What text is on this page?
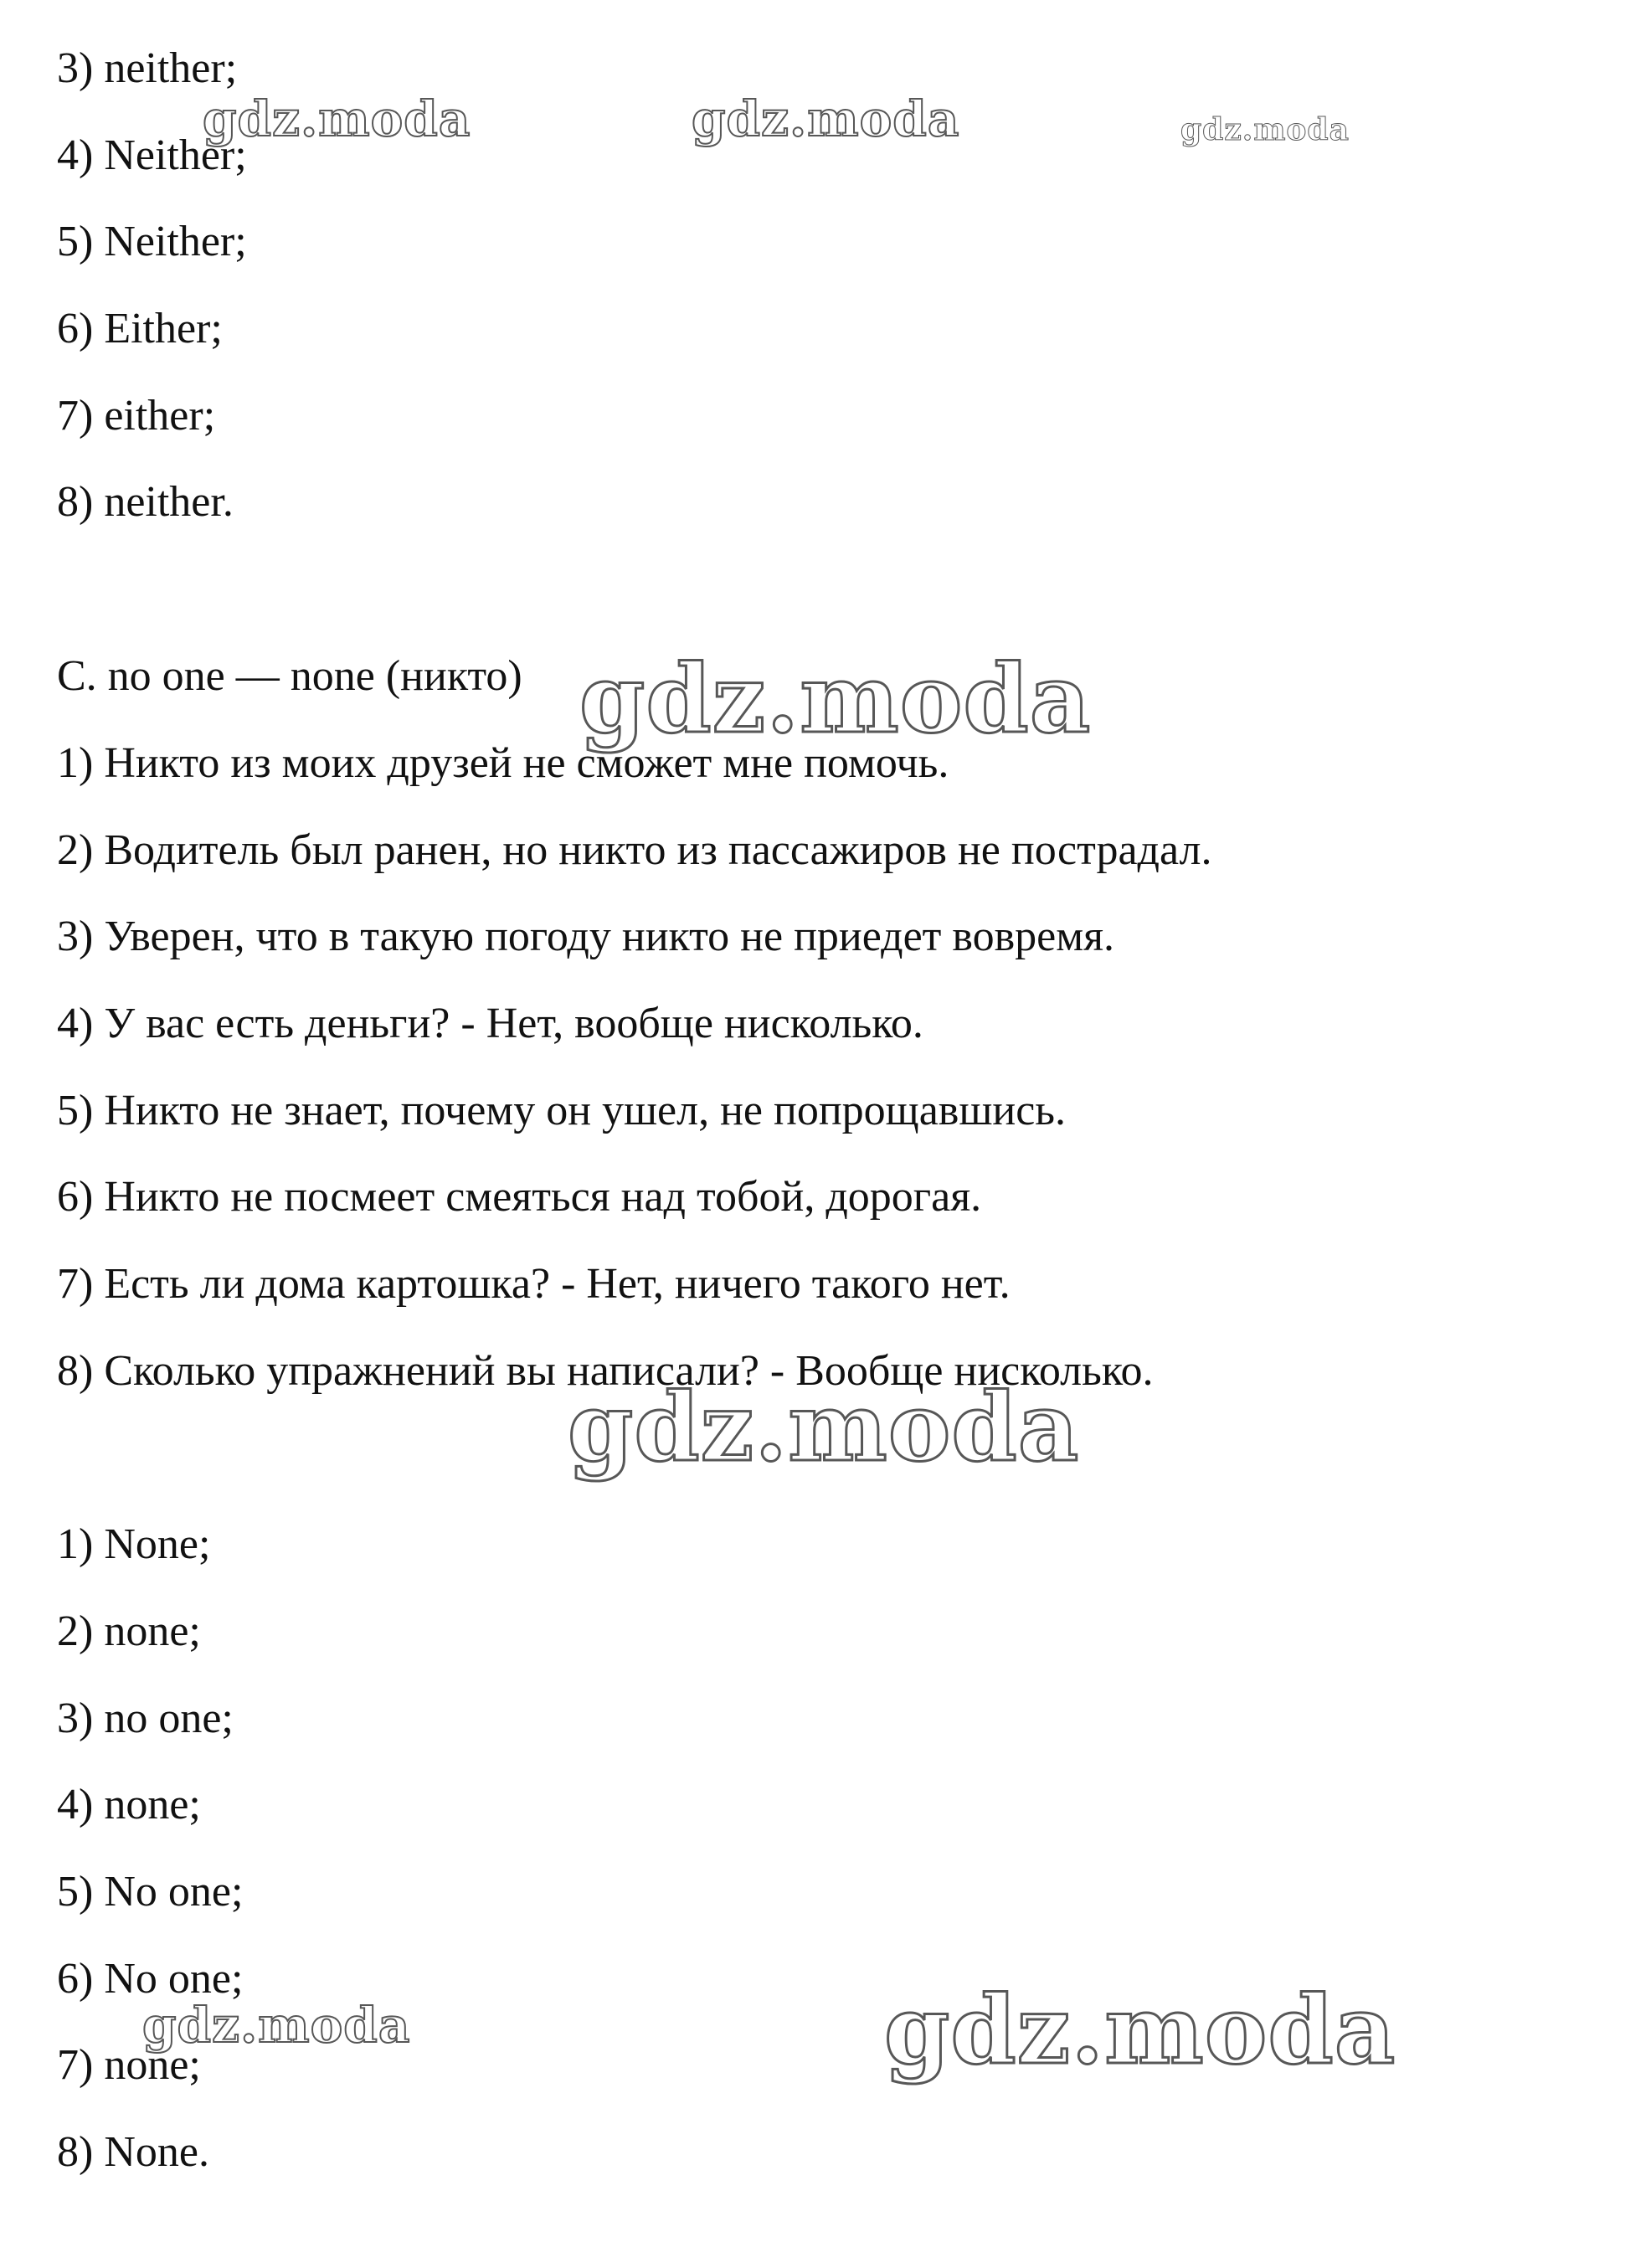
3) neither;
4) Neither;
5) Neither;
6) Either;
7) either;
8) neither.
C. no one — none (никто)
1) Никто из моих друзей не сможет мне помочь.
2) Водитель был ранен, но никто из пассажиров не пострадал.
3) Уверен, что в такую погоду никто не приедет вовремя.
4) У вас есть деньги? - Нет, вообще нисколько.
5) Никто не знает, почему он ушел, не попрощавшись.
6) Никто не посмеет смеяться над тобой, дорогая.
7) Есть ли дома картошка? - Нет, ничего такого нет.
8) Сколько упражнений вы написали? - Вообще нисколько.
1) None;
2) none;
3) no one;
4) none;
5) No one;
6) No one;
7) none;
8) None.
gdz.moda	gdz.moda	gdz.moda
gdz.moda
gdz.moda
gdz.moda	gdz.moda
